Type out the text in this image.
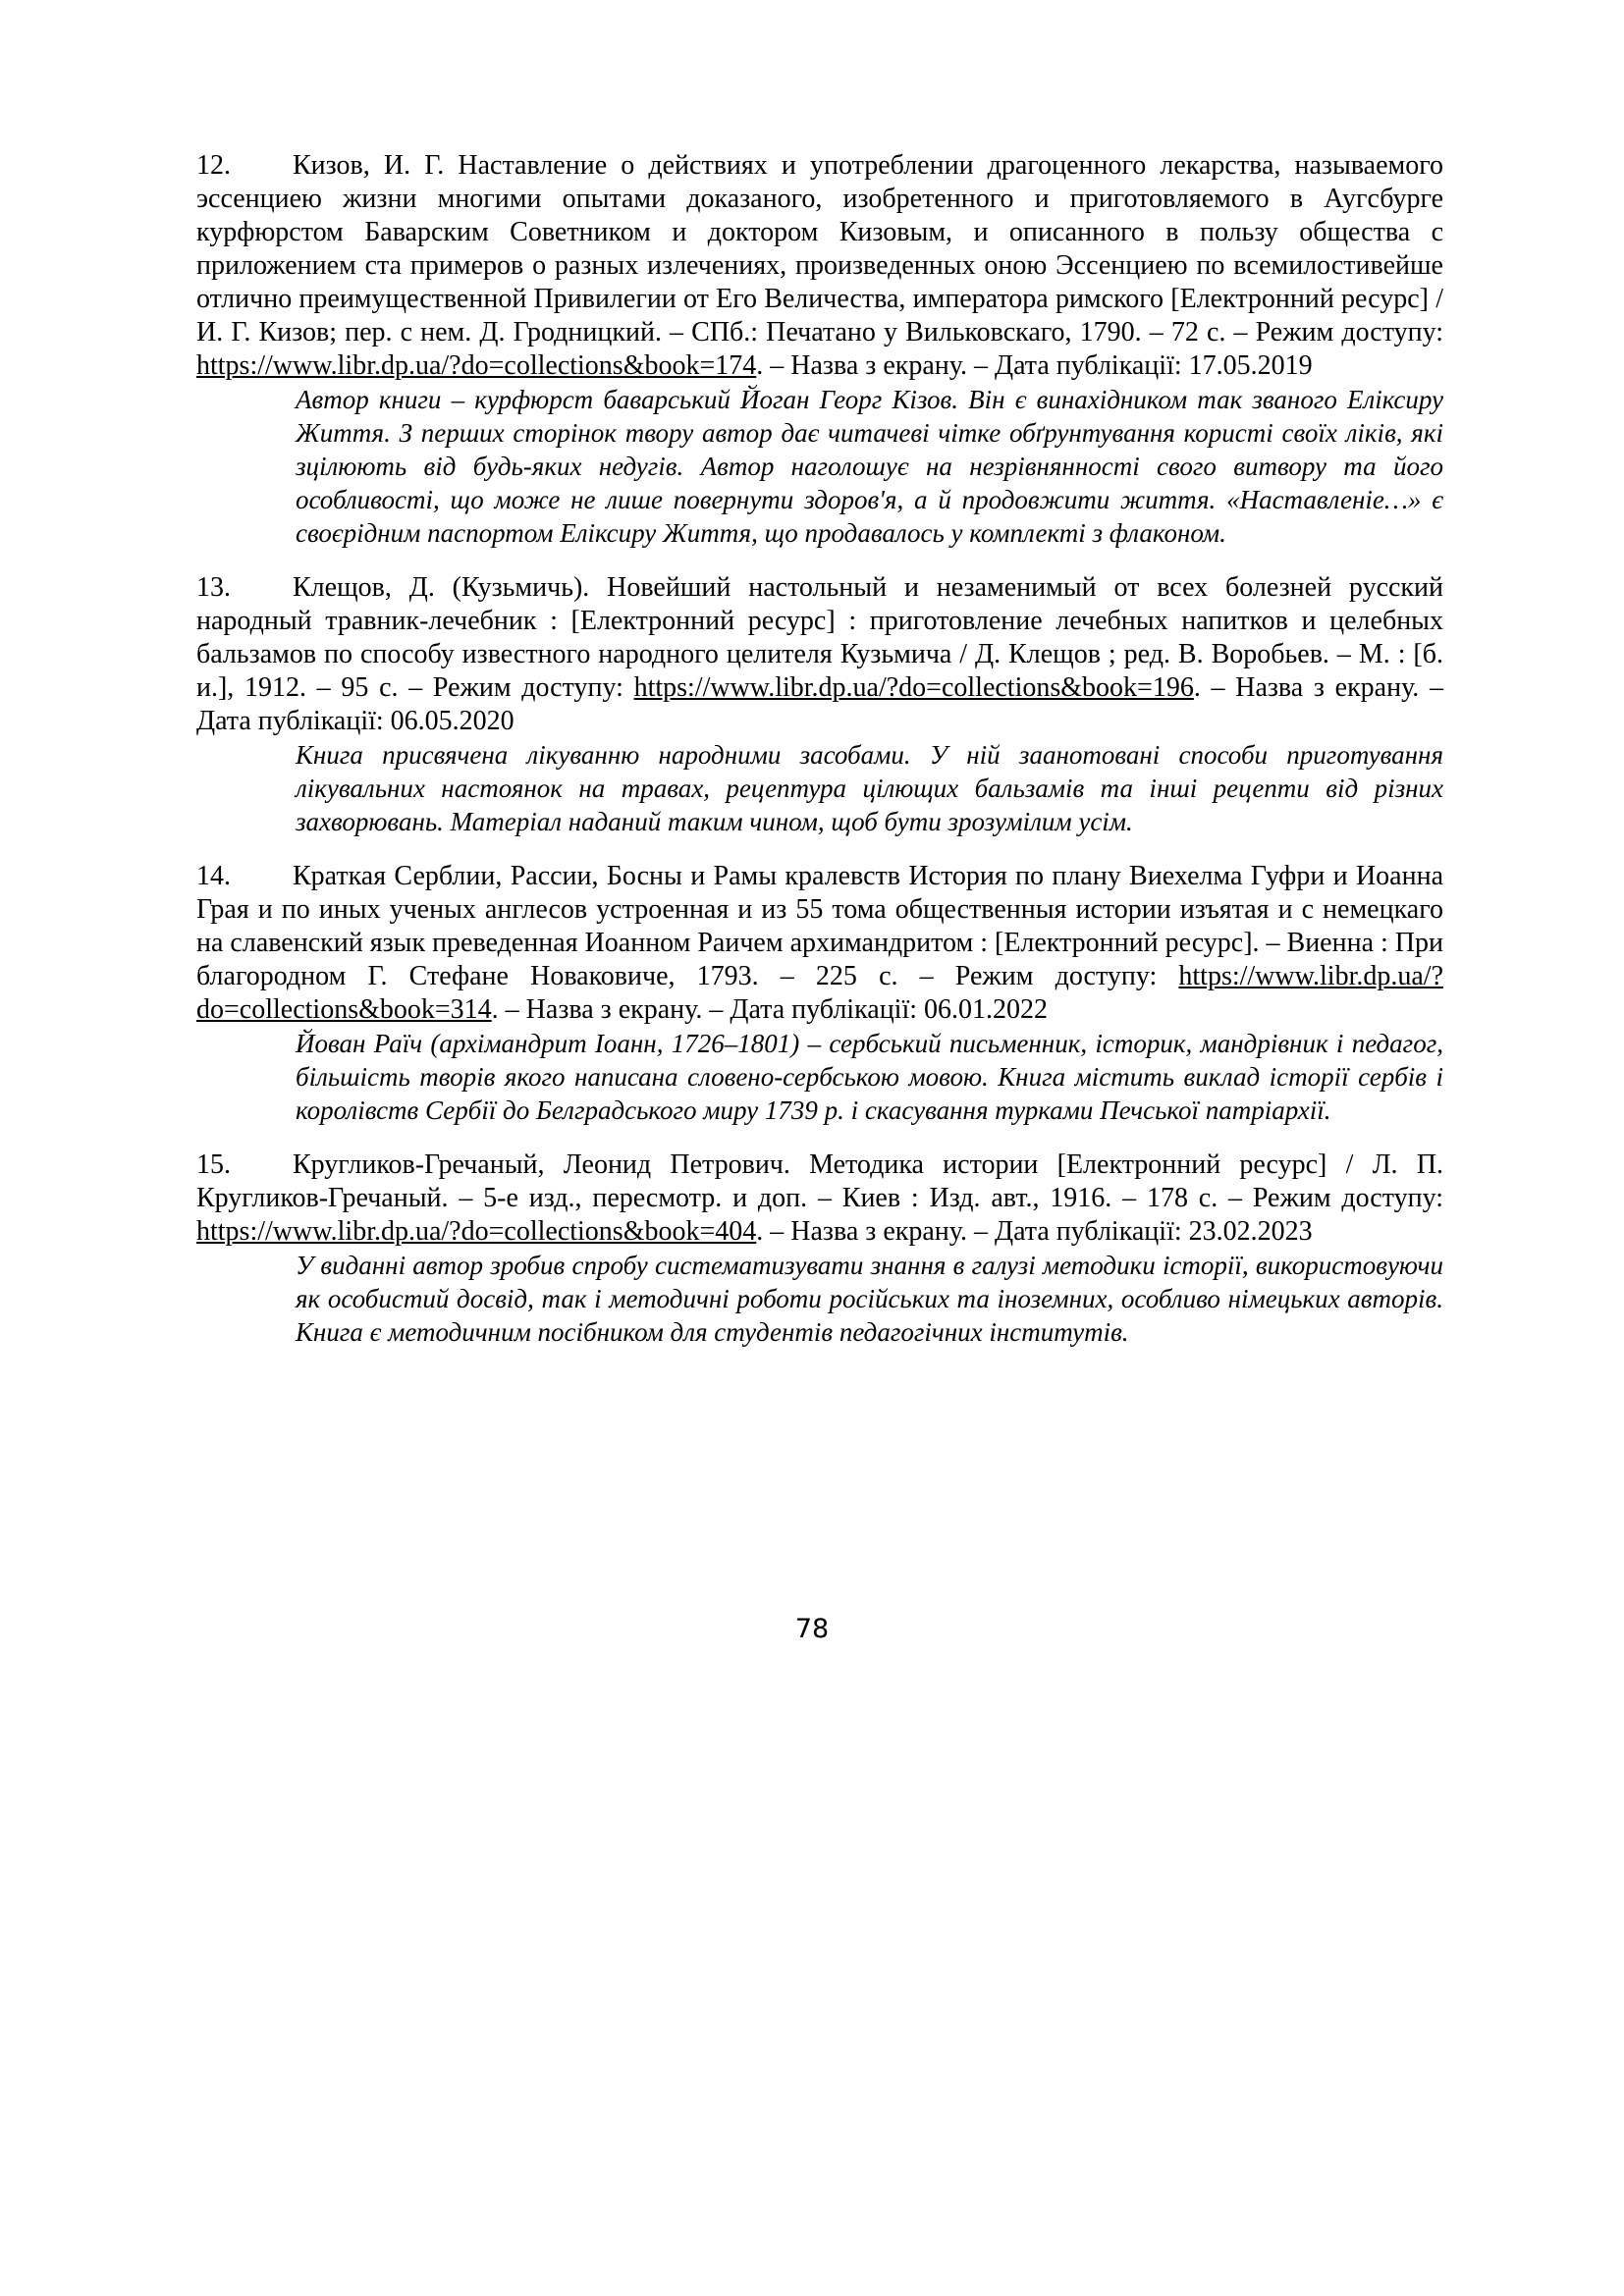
12. Кизов, И. Г. Наставление о действиях и употреблении драгоценного лекарства, называемого эссенциею жизни многими опытами доказаного, изобретенного и приготовляемого в Аугсбурге курфюрстом Баварским Советником и доктором Кизовым, и описанного в пользу общества с приложением ста примеров о разных излечениях, произведенных оною Эссенциею по всемилостивейше отлично преимущественной Привилегии от Его Величества, императора римского [Електронний ресурс] / И. Г. Кизов; пер. с нем. Д. Гродницкий. – СПб.: Печатано у Вильковскаго, 1790. – 72 с. – Режим доступу: https://www.libr.dp.ua/?do=collections&book=174. – Назва з екрану. – Дата публікації: 17.05.2019

Автор книги – курфюрст баварський Йоган Георг Кізов. Він є винахідником так званого Еліксиру Життя. З перших сторінок твору автор дає читачеві чітке обґрунтування користі своїх ліків, які зцілюють від будь-яких недугів. Автор наголошує на незрівнянності свого витвору та його особливості, що може не лише повернути здоров'я, а й продовжити життя. «Наставленіе…» є своєрідним паспортом Еліксиру Життя, що продавалось у комплекті з флаконом.

13. Клещов, Д. (Кузьмичь). Новейший настольный и незаменимый от всех болезней русский народный травник-лечебник : [Електронний ресурс] : приготовление лечебных напитков и целебных бальзамов по способу известного народного целителя Кузьмича / Д. Клещов ; ред. В. Воробьев. – М. : [б. и.], 1912. – 95 с. – Режим доступу: https://www.libr.dp.ua/?do=collections&book=196. – Назва з екрану. – Дата публікації: 06.05.2020

Книга присвячена лікуванню народними засобами. У ній заанотовані способи приготування лікувальних настоянок на травах, рецептура цілющих бальзамів та інші рецепти від різних захворювань. Матеріал наданий таким чином, щоб бути зрозумілим усім.

14. Краткая Серблии, Рассии, Босны и Рамы кралевств История по плану Виехелма Гуфри и Иоанна Грая и по иных ученых англесов устроенная и из 55 тома общественныя истории изъятая и с немецкаго на славенский язык преведенная Иоанном Раичем архимандритом : [Електронний ресурс]. – Виенна : При благородном Г. Стефане Новаковиче, 1793. – 225 с. – Режим доступу: https://www.libr.dp.ua/?do=collections&book=314. – Назва з екрану. – Дата публікації: 06.01.2022

Йован Раїч (архімандрит Іоанн, 1726–1801) – сербський письменник, історик, мандрівник і педагог, більшість творів якого написана словено-сербською мовою. Книга містить виклад історії сербів і королівств Сербії до Белградського миру 1739 р. і скасування турками Печської патріархії.

15. Кругликов-Гречаный, Леонид Петрович. Методика истории [Електронний ресурс] / Л. П. Кругликов-Гречаный. – 5-е изд., пересмотр. и доп. – Киев : Изд. авт., 1916. – 178 с. – Режим доступу: https://www.libr.dp.ua/?do=collections&book=404. – Назва з екрану. – Дата публікації: 23.02.2023

У виданні автор зробив спробу систематизувати знання в галузі методики історії, використовуючи як особистий досвід, так і методичні роботи російських та іноземних, особливо німецьких авторів. Книга є методичним посібником для студентів педагогічних інститутів.

78
